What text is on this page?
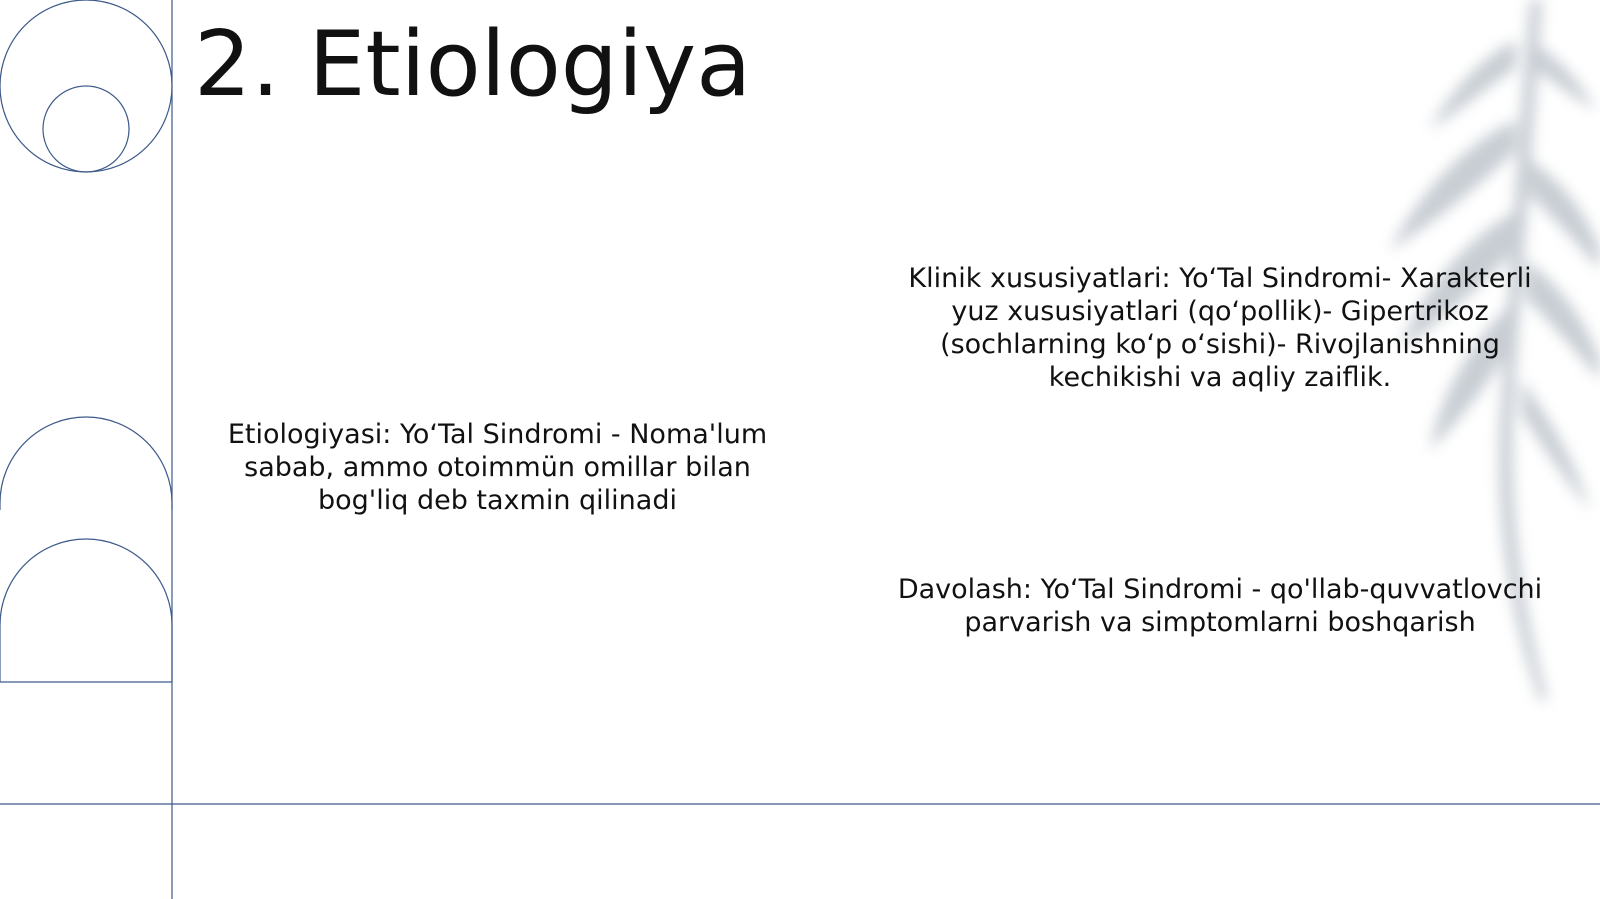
2. Etiologiya

Etiologiyasi: Yo‘Tal Sindromi - Noma'lum sabab, ammo otoimmün omillar bilan bog'liq deb taxmin qilinadi

Klinik xususiyatlari: Yo‘Tal Sindromi- Xarakterli yuz xususiyatlari (qo‘pollik)- Gipertrikoz (sochlarning ko‘p o‘sishi)- Rivojlanishning kechikishi va aqliy zaiflik.

Davolash: Yo‘Tal Sindromi - qo'llab-quvvatlovchi parvarish va simptomlarni boshqarish
